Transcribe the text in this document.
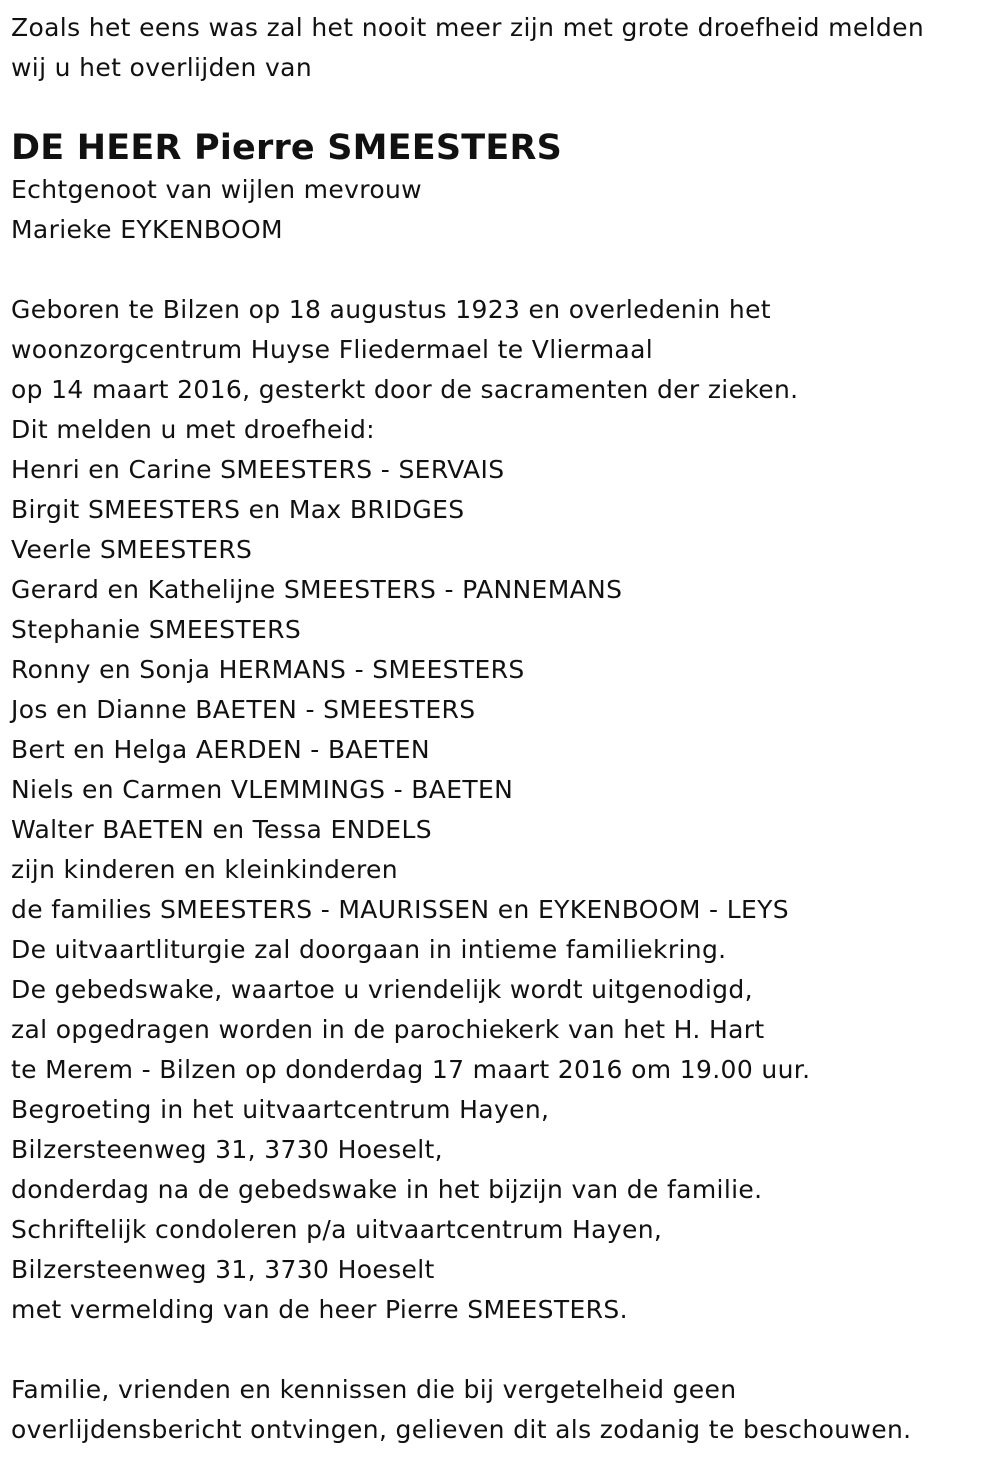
Zoals het eens was zal het nooit meer zijn met grote droefheid melden
wij u het overlijden van
DE HEER Pierre SMEESTERS
Echtgenoot van wijlen mevrouw
Marieke EYKENBOOM
Geboren te Bilzen op 18 augustus 1923 en overledenin het
woonzorgcentrum Huyse Fliedermael te Vliermaal
op 14 maart 2016, gesterkt door de sacramenten der zieken.
Dit melden u met droefheid:
Henri en Carine SMEESTERS - SERVAIS
Birgit SMEESTERS en Max BRIDGES
Veerle SMEESTERS
Gerard en Kathelijne SMEESTERS - PANNEMANS
Stephanie SMEESTERS
Ronny en Sonja HERMANS - SMEESTERS
Jos en Dianne BAETEN - SMEESTERS
Bert en Helga AERDEN - BAETEN
Niels en Carmen VLEMMINGS - BAETEN
Walter BAETEN en Tessa ENDELS
zijn kinderen en kleinkinderen
de families SMEESTERS - MAURISSEN en EYKENBOOM - LEYS
De uitvaartliturgie zal doorgaan in intieme familiekring.
De gebedswake, waartoe u vriendelijk wordt uitgenodigd,
zal opgedragen worden in de parochiekerk van het H. Hart
te Merem - Bilzen op donderdag 17 maart 2016 om 19.00 uur.
Begroeting in het uitvaartcentrum Hayen,
Bilzersteenweg 31, 3730 Hoeselt,
donderdag na de gebedswake in het bijzijn van de familie.
Schriftelijk condoleren p/a uitvaartcentrum Hayen,
Bilzersteenweg 31, 3730 Hoeselt
met vermelding van de heer Pierre SMEESTERS.
Familie, vrienden en kennissen die bij vergetelheid geen
overlijdensbericht ontvingen, gelieven dit als zodanig te beschouwen.
